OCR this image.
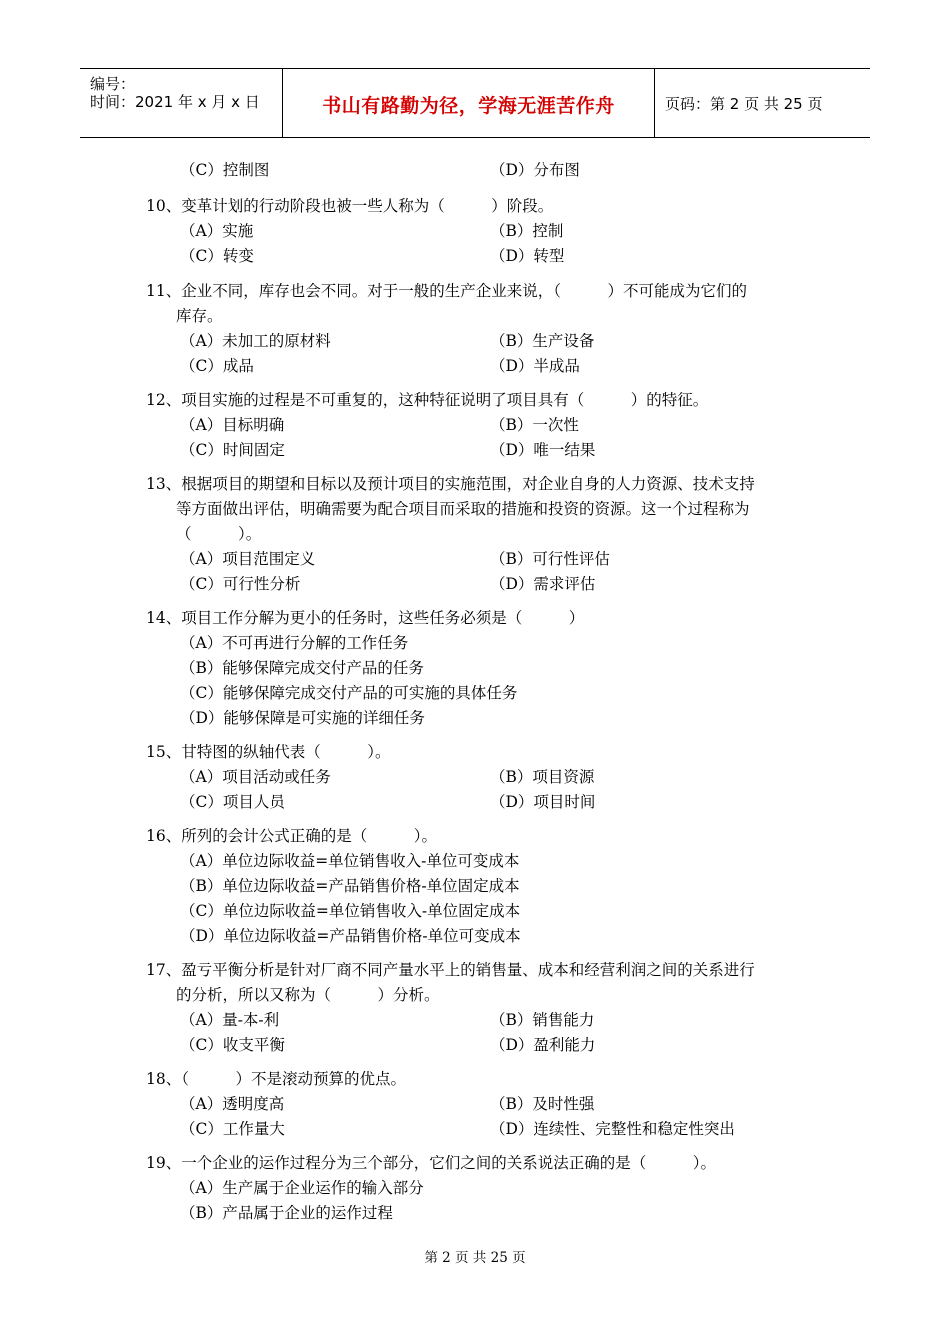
编号：
时间：2021 年 x 月 x 日	书山有路勤为径，学海无涯苦作舟	页码：第 2 页 共 25 页
（C）控制图	（D）分布图
10、变革计划的行动阶段也被一些人称为（　　　）阶段。
（A）实施	（B）控制
（C）转变	（D）转型
11、企业不同，库存也会不同。对于一般的生产企业来说，（　　　）不可能成为它们的
库存。
（A）未加工的原材料	（B）生产设备
（C）成品	（D）半成品
12、项目实施的过程是不可重复的，这种特征说明了项目具有（　　　）的特征。
（A）目标明确	（B）一次性
（C）时间固定	（D）唯一结果
13、根据项目的期望和目标以及预计项目的实施范围，对企业自身的人力资源、技术支持
等方面做出评估，明确需要为配合项目而采取的措施和投资的资源。这一个过程称为
（　　　）。
（A）项目范围定义	（B）可行性评估
（C）可行性分析	（D）需求评估
14、项目工作分解为更小的任务时，这些任务必须是（　　　）
（A）不可再进行分解的工作任务
（B）能够保障完成交付产品的任务
（C）能够保障完成交付产品的可实施的具体任务
（D）能够保障是可实施的详细任务
15、甘特图的纵轴代表（　　　）。
（A）项目活动或任务	（B）项目资源
（C）项目人员	（D）项目时间
16、所列的会计公式正确的是（　　　）。
（A）单位边际收益=单位销售收入-单位可变成本
（B）单位边际收益=产品销售价格-单位固定成本
（C）单位边际收益=单位销售收入-单位固定成本
（D）单位边际收益=产品销售价格-单位可变成本
17、盈亏平衡分析是针对厂商不同产量水平上的销售量、成本和经营利润之间的关系进行
的分析，所以又称为（　　　）分析。
（A）量-本-利	（B）销售能力
（C）收支平衡	（D）盈利能力
18、（　　　）不是滚动预算的优点。
（A）透明度高	（B）及时性强
（C）工作量大	（D）连续性、完整性和稳定性突出
19、一个企业的运作过程分为三个部分，它们之间的关系说法正确的是（　　　）。
（A）生产属于企业运作的输入部分
（B）产品属于企业的运作过程
第 2 页 共 25 页
